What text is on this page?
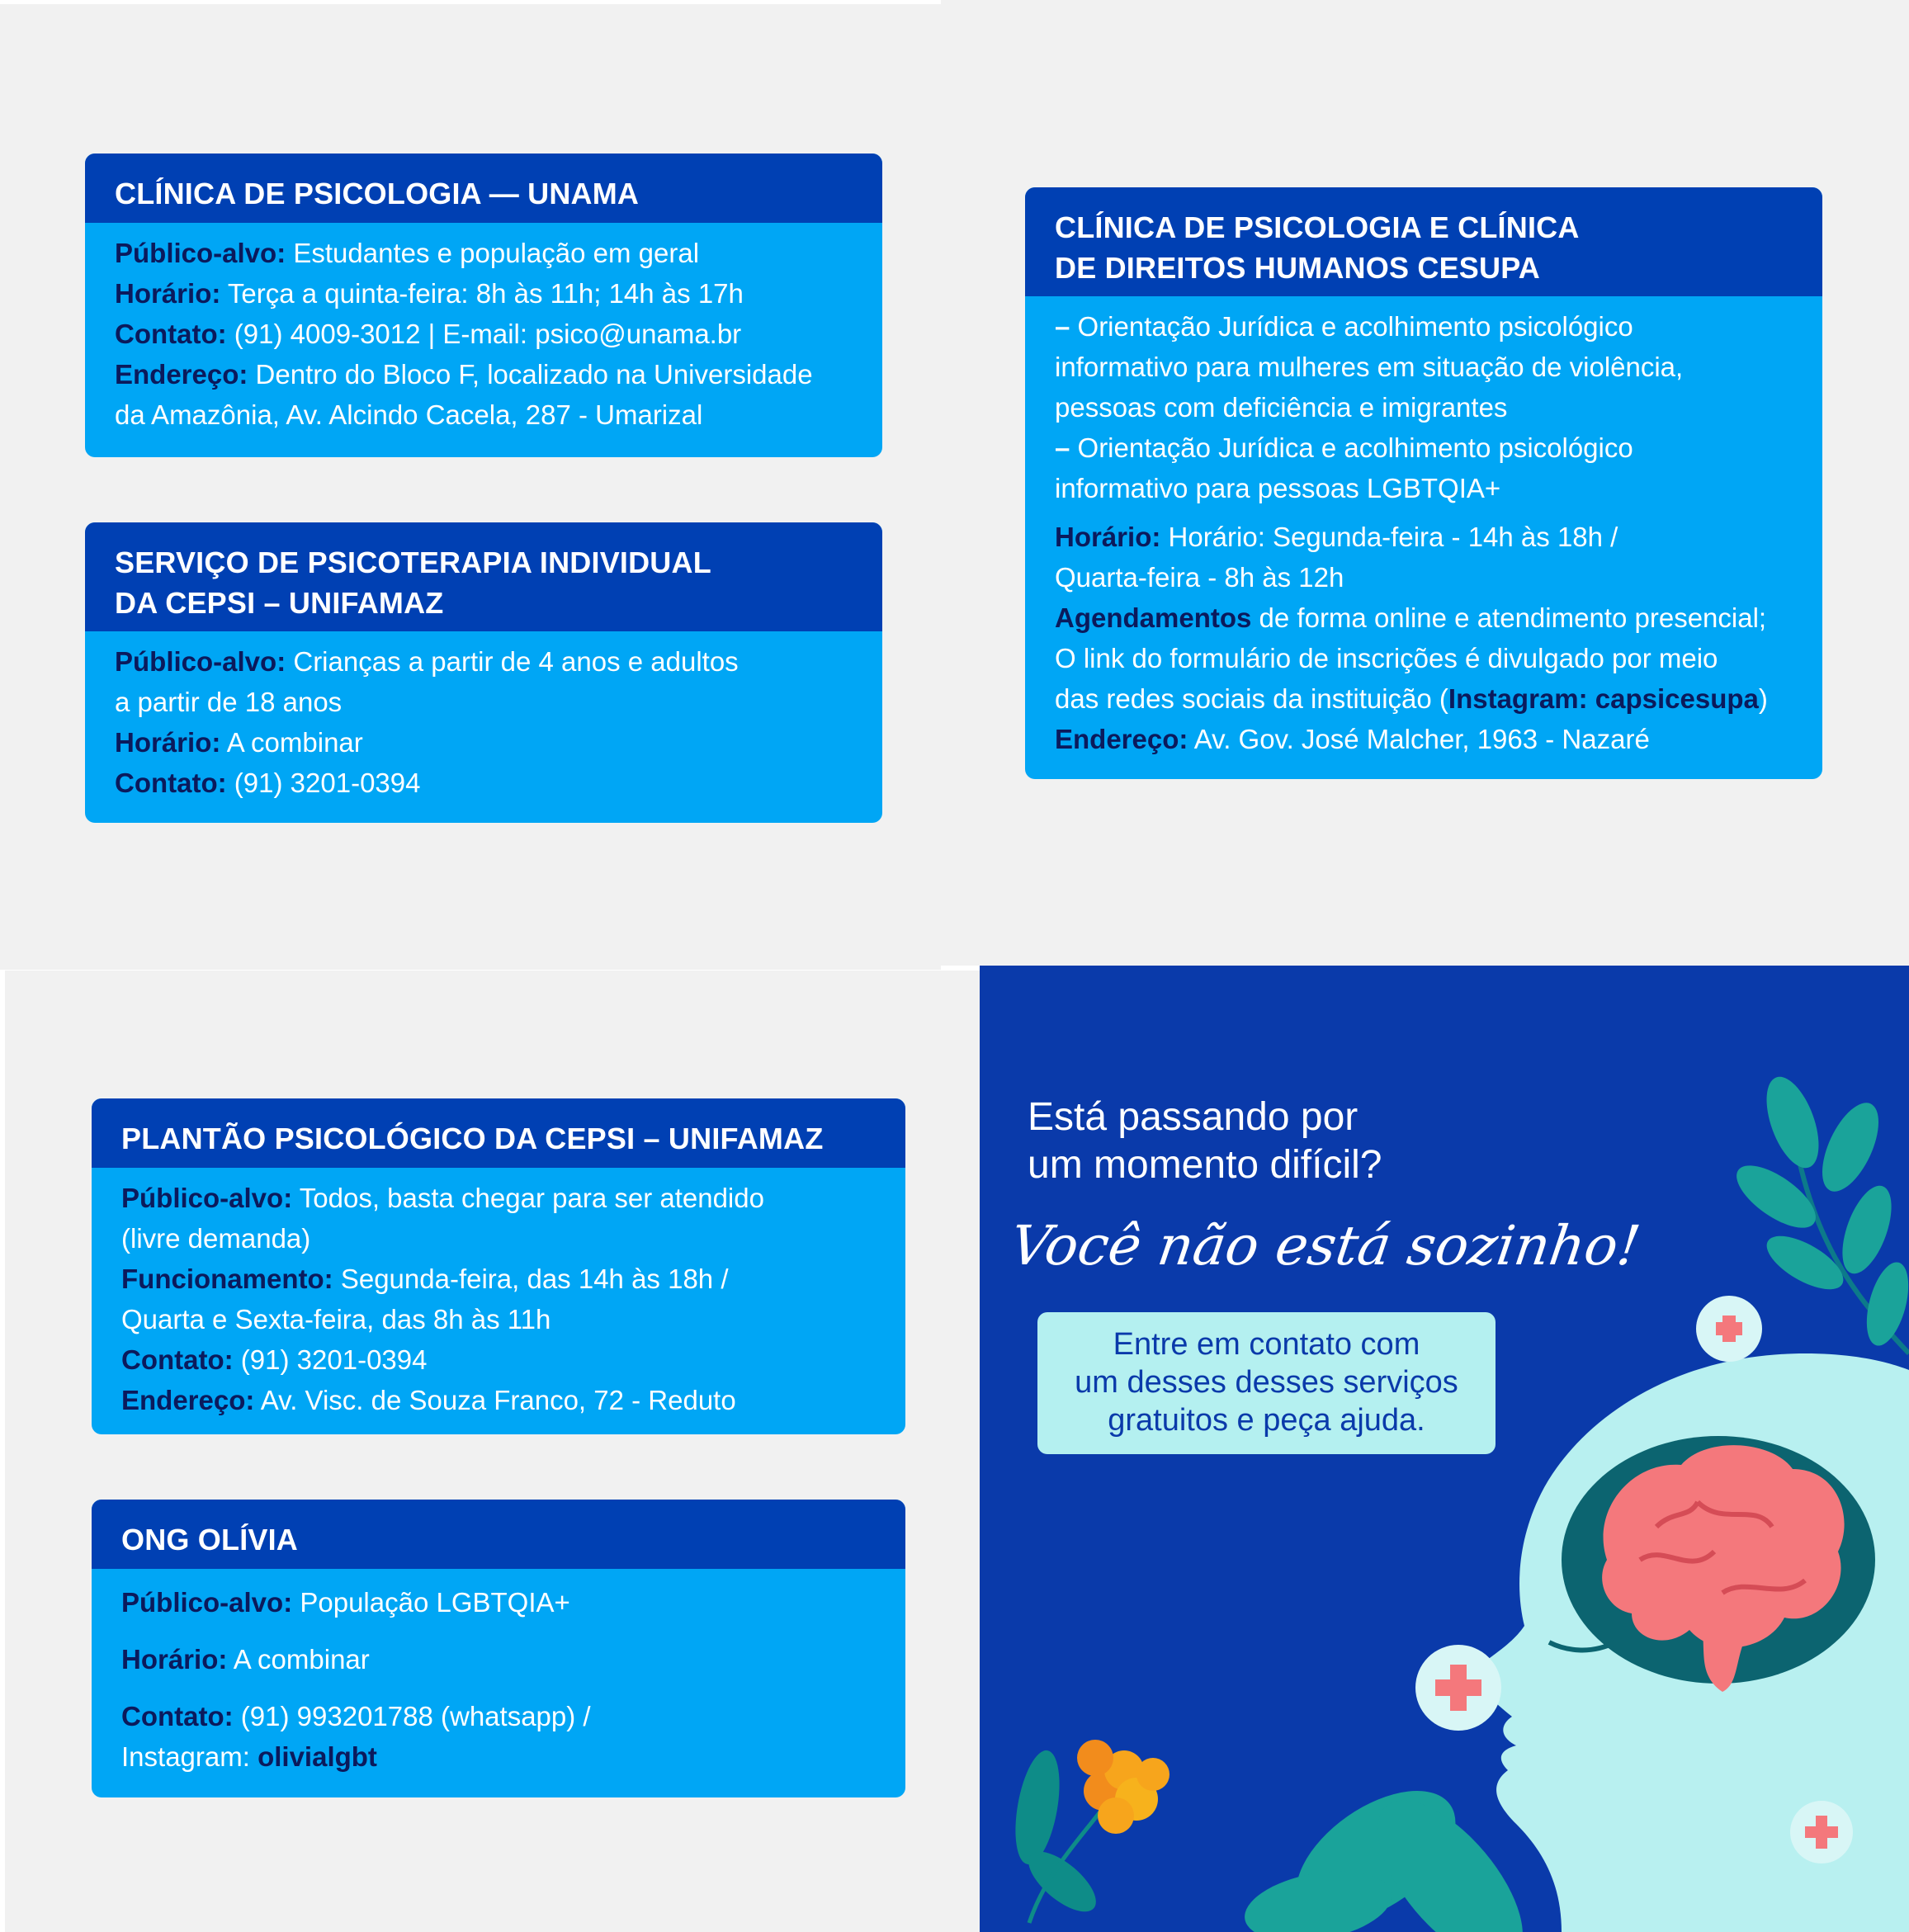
CLÍNICA DE PSICOLOGIA — UNAMA
Público-alvo: Estudantes e população em geral
Horário: Terça a quinta-feira: 8h às 11h; 14h às 17h
Contato: (91) 4009-3012 | E-mail: psico@unama.br
Endereço: Dentro do Bloco F, localizado na Universidade
da Amazônia, Av. Alcindo Cacela, 287 - Umarizal
SERVIÇO DE PSICOTERAPIA INDIVIDUAL
DA CEPSI – UNIFAMAZ
Público-alvo: Crianças a partir de 4 anos e adultos
a partir de 18 anos
Horário: A combinar
Contato: (91) 3201-0394
CLÍNICA DE PSICOLOGIA E CLÍNICA
DE DIREITOS HUMANOS CESUPA
– Orientação Jurídica e acolhimento psicológico
informativo para mulheres em situação de violência,
pessoas com deficiência e imigrantes
– Orientação Jurídica e acolhimento psicológico
informativo para pessoas LGBTQIA+
Horário: Horário: Segunda-feira - 14h às 18h /
Quarta-feira - 8h às 12h
Agendamentos de forma online e atendimento presencial;
O link do formulário de inscrições é divulgado por meio
das redes sociais da instituição (Instagram: capsicesupa)
Endereço: Av. Gov. José Malcher, 1963 - Nazaré
PLANTÃO PSICOLÓGICO DA CEPSI – UNIFAMAZ
Público-alvo: Todos, basta chegar para ser atendido
(livre demanda)
Funcionamento: Segunda-feira, das 14h às 18h /
Quarta e Sexta-feira, das 8h às 11h
Contato: (91) 3201-0394
Endereço: Av. Visc. de Souza Franco, 72 - Reduto
ONG OLÍVIA
Público-alvo: População LGBTQIA+
Horário: A combinar
Contato: (91) 993201788 (whatsapp) /
Instagram: olivialgbt
Está passando por
um momento difícil?
Você não está sozinho!
Entre em contato com
um desses desses serviços
gratuitos e peça ajuda.
